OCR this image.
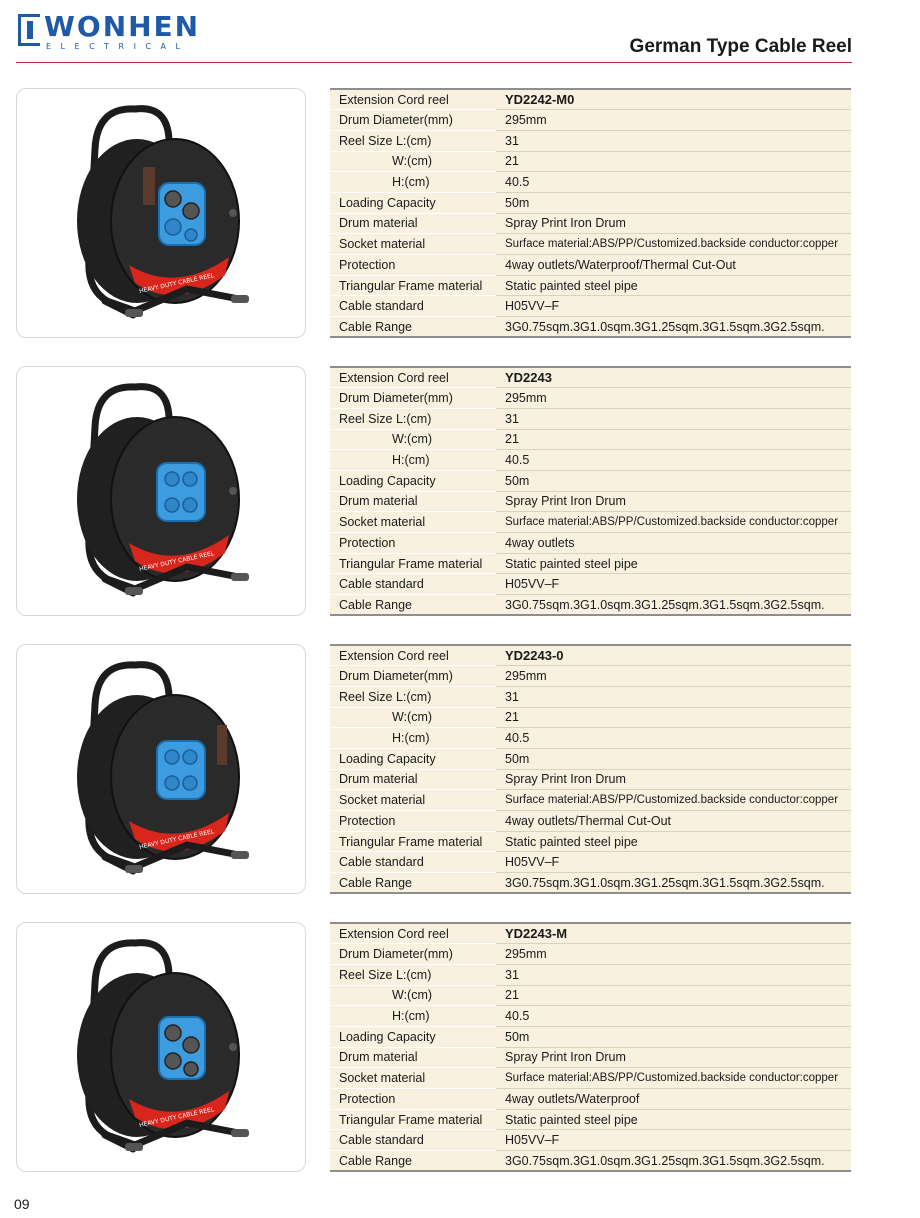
WONHEN
ELECTRICAL	German Type Cable Reel
HEAVY DUTY CABLE REEL
Extension Cord reel	YD2242-M0
Drum Diameter(mm)	295mm
Reel Size L:(cm)	31
W:(cm)	21
H:(cm)	40.5
Loading Capacity	50m
Drum material	Spray Print Iron Drum
Socket material	Surface material:ABS/PP/Customized.backside conductor:copper
Protection	4way outlets/Waterproof/Thermal Cut-Out
Triangular Frame material	Static painted steel pipe
Cable standard	H05VV–F
Cable Range	3G0.75sqm.3G1.0sqm.3G1.25sqm.3G1.5sqm.3G2.5sqm.
HEAVY DUTY CABLE REEL
Extension Cord reel	YD2243
Drum Diameter(mm)	295mm
Reel Size L:(cm)	31
W:(cm)	21
H:(cm)	40.5
Loading Capacity	50m
Drum material	Spray Print Iron Drum
Socket material	Surface material:ABS/PP/Customized.backside conductor:copper
Protection	4way outlets
Triangular Frame material	Static painted steel pipe
Cable standard	H05VV–F
Cable Range	3G0.75sqm.3G1.0sqm.3G1.25sqm.3G1.5sqm.3G2.5sqm.
HEAVY DUTY CABLE REEL
Extension Cord reel	YD2243-0
Drum Diameter(mm)	295mm
Reel Size L:(cm)	31
W:(cm)	21
H:(cm)	40.5
Loading Capacity	50m
Drum material	Spray Print Iron Drum
Socket material	Surface material:ABS/PP/Customized.backside conductor:copper
Protection	4way outlets/Thermal Cut-Out
Triangular Frame material	Static painted steel pipe
Cable standard	H05VV–F
Cable Range	3G0.75sqm.3G1.0sqm.3G1.25sqm.3G1.5sqm.3G2.5sqm.
HEAVY DUTY CABLE REEL
Extension Cord reel	YD2243-M
Drum Diameter(mm)	295mm
Reel Size L:(cm)	31
W:(cm)	21
H:(cm)	40.5
Loading Capacity	50m
Drum material	Spray Print Iron Drum
Socket material	Surface material:ABS/PP/Customized.backside conductor:copper
Protection	4way outlets/Waterproof
Triangular Frame material	Static painted steel pipe
Cable standard	H05VV–F
Cable Range	3G0.75sqm.3G1.0sqm.3G1.25sqm.3G1.5sqm.3G2.5sqm.
09
